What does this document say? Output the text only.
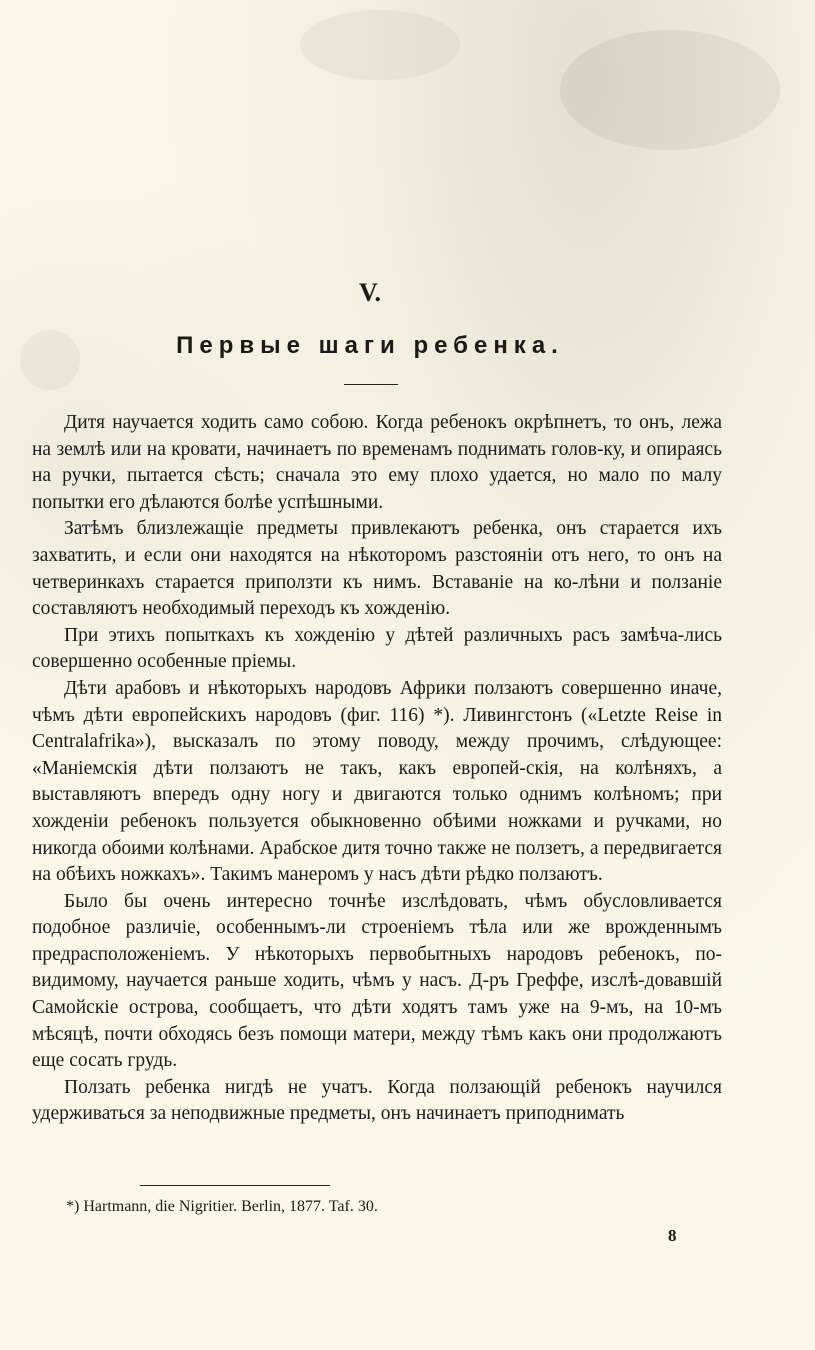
V.
Первые шаги ребенка.

Дитя научается ходить само собою. Когда ребенокъ окрѣпнетъ, то онъ, лежа на землѣ или на кровати, начинаетъ по временамъ поднимать голов-ку, и опираясь на ручки, пытается сѣсть; сначала это ему плохо удается, но мало по малу попытки его дѣлаются болѣе успѣшными.

Затѣмъ близлежащіе предметы привлекаютъ ребенка, онъ старается ихъ захватить, и если они находятся на нѣкоторомъ разстояніи отъ него, то онъ на четверинкахъ старается приползти къ нимъ. Вставаніе на ко-лѣни и ползаніе составляютъ необходимый переходъ къ хожденію.

При этихъ попыткахъ къ хожденію у дѣтей различныхъ расъ замѣча-лись совершенно особенные пріемы.

Дѣти арабовъ и нѣкоторыхъ народовъ Африки ползаютъ совершенно иначе, чѣмъ дѣти европейскихъ народовъ (фиг. 116) *). Ливингстонъ («Letzte Reise in Centralafrika»), высказалъ по этому поводу, между прочимъ, слѣдующее: «Маніемскія дѣти ползаютъ не такъ, какъ европей-скія, на колѣняхъ, а выставляютъ впередъ одну ногу и двигаются только однимъ колѣномъ; при хожденіи ребенокъ пользуется обыкновенно обѣими ножками и ручками, но никогда обоими колѣнами. Арабское дитя точно также не ползетъ, а передвигается на обѣихъ ножкахъ». Такимъ манеромъ у насъ дѣти рѣдко ползаютъ.

Было бы очень интересно точнѣе изслѣдовать, чѣмъ обусловливается подобное различіе, особеннымъ-ли строеніемъ тѣла или же врожденнымъ предрасположеніемъ. У нѣкоторыхъ первобытныхъ народовъ ребенокъ, по-видимому, научается раньше ходить, чѣмъ у насъ. Д-ръ Греффе, изслѣ-довавшій Самойскіе острова, сообщаетъ, что дѣти ходятъ тамъ уже на 9-мъ, на 10-мъ мѣсяцѣ, почти обходясь безъ помощи матери, между тѣмъ какъ они продолжаютъ еще сосать грудь.

Ползать ребенка нигдѣ не учатъ. Когда ползающій ребенокъ научился удерживаться за неподвижные предметы, онъ начинаетъ приподнимать

*) Hartmann, die Nigritier. Berlin, 1877. Taf. 30.
8
